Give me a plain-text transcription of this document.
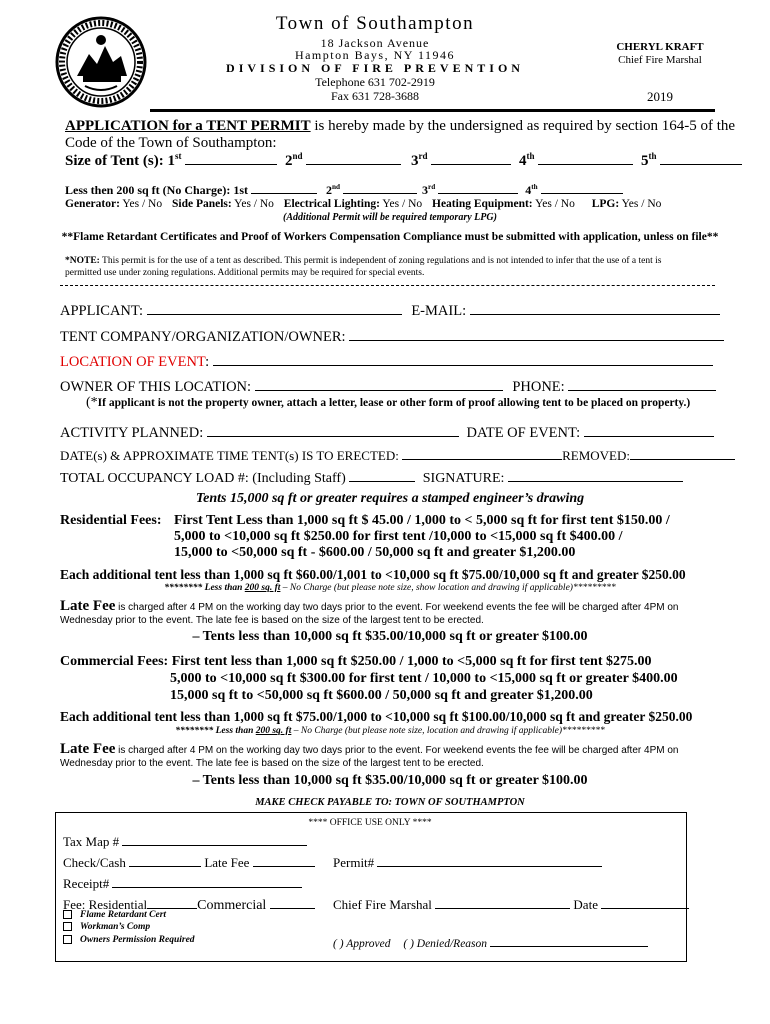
Town of Southampton
18 Jackson Avenue
Hampton Bays, NY 11946
DIVISION OF FIRE PREVENTION
Telephone 631 702-2919
Fax 631 728-3688
CHERYL KRAFT
Chief Fire Marshal
2019
APPLICATION for a TENT PERMIT is hereby made by the undersigned as required by section 164-5 of the
Code of the Town of Southampton:
Size of Tent (s): 1st	2nd	3rd	4th	5th
Less then 200 sq ft (No Charge): 1st	2nd	3rd	4th
Generator: Yes / No Side Panels: Yes / No Electrical Lighting: Yes / No Heating Equipment: Yes / No LPG: Yes / No
(Additional Permit will be required temporary LPG)
**Flame Retardant Certificates and Proof of Workers Compensation Compliance must be submitted with application, unless on file**
*NOTE: This permit is for the use of a tent as described. This permit is independent of zoning regulations and is not intended to infer that the use of a tent is
permitted use under zoning regulations. Additional permits may be required for special events.
APPLICANT:	E-MAIL:
TENT COMPANY/ORGANIZATION/OWNER:
LOCATION OF EVENT:
OWNER OF THIS LOCATION:	PHONE:
(*If applicant is not the property owner, attach a letter, lease or other form of proof allowing tent to be placed on property.)
ACTIVITY PLANNED:	DATE OF EVENT:
DATE(s) & APPROXIMATE TIME TENT(s) IS TO ERECTED:	REMOVED:
TOTAL OCCUPANCY LOAD #: (Including Staff)	SIGNATURE:
Tents 15,000 sq ft or greater requires a stamped engineer’s drawing
Residential Fees: First Tent Less than 1,000 sq ft $ 45.00 / 1,000 to < 5,000 sq ft for first tent $150.00 /
5,000 to <10,000 sq ft $250.00 for first tent /10,000 to <15,000 sq ft $400.00 /
15,000 to <50,000 sq ft - $600.00 / 50,000 sq ft and greater $1,200.00
Each additional tent less than 1,000 sq ft $60.00/1,001 to <10,000 sq ft $75.00/10,000 sq ft and greater $250.00
******** Less than 200 sq. ft – No Charge (but please note size, show location and drawing if applicable)*********
Late Fee is charged after 4 PM on the working day two days prior to the event. For weekend events the fee will be charged after 4PM on
Wednesday prior to the event. The late fee is based on the size of the largest tent to be erected.
– Tents less than 10,000 sq ft $35.00/10,000 sq ft or greater $100.00
Commercial Fees: First tent less than 1,000 sq ft $250.00 / 1,000 to <5,000 sq ft for first tent $275.00
5,000 to <10,000 sq ft $300.00 for first tent / 10,000 to <15,000 sq ft or greater $400.00
15,000 sq ft to <50,000 sq ft $600.00 / 50,000 sq ft and greater $1,200.00
Each additional tent less than 1,000 sq ft $75.00/1,000 to <10,000 sq ft $100.00/10,000 sq ft and greater $250.00
******** Less than 200 sq. ft – No Charge (but please note size, location and drawing if applicable)*********
Late Fee is charged after 4 PM on the working day two days prior to the event. For weekend events the fee will be charged after 4PM on
Wednesday prior to the event. The late fee is based on the size of the largest tent to be erected.
– Tents less than 10,000 sq ft $35.00/10,000 sq ft or greater $100.00
MAKE CHECK PAYABLE TO: TOWN OF SOUTHAMPTON
**** OFFICE USE ONLY ****
Tax Map #
Check/Cash	Late Fee	Permit#
Receipt#
Fee: Residential	Commercial	Chief Fire Marshal	Date
Flame Retardant Cert
Workman’s Comp
Owners Permission Required	( ) Approved ( ) Denied/Reason
